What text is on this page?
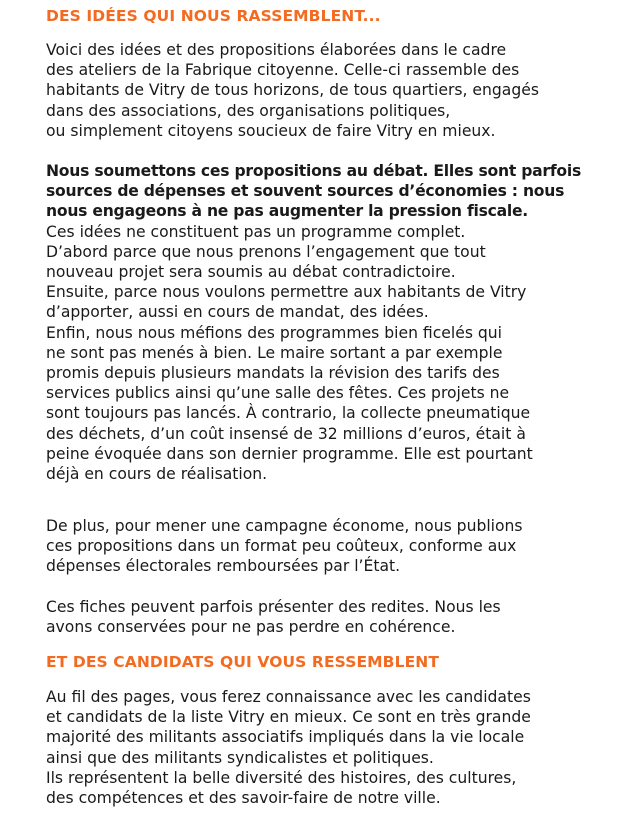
DES IDÉES QUI NOUS RASSEMBLENT...

Voici des idées et des propositions élaborées dans le cadre
des ateliers de la Fabrique citoyenne. Celle-ci rassemble des
habitants de Vitry de tous horizons, de tous quartiers, engagés
dans des associations, des organisations politiques,
ou simplement citoyens soucieux de faire Vitry en mieux.

Nous soumettons ces propositions au débat. Elles sont parfois
sources de dépenses et souvent sources d’économies : nous
nous engageons à ne pas augmenter la pression fiscale.
Ces idées ne constituent pas un programme complet.
D’abord parce que nous prenons l’engagement que tout
nouveau projet sera soumis au débat contradictoire.
Ensuite, parce nous voulons permettre aux habitants de Vitry
d’apporter, aussi en cours de mandat, des idées.
Enfin, nous nous méfions des programmes bien ficelés qui
ne sont pas menés à bien. Le maire sortant a par exemple
promis depuis plusieurs mandats la révision des tarifs des
services publics ainsi qu’une salle des fêtes. Ces projets ne
sont toujours pas lancés. À contrario, la collecte pneumatique
des déchets, d’un coût insensé de 32 millions d’euros, était à
peine évoquée dans son dernier programme. Elle est pourtant
déjà en cours de réalisation.

De plus, pour mener une campagne économe, nous publions
ces propositions dans un format peu coûteux, conforme aux
dépenses électorales remboursées par l’État.

Ces fiches peuvent parfois présenter des redites. Nous les
avons conservées pour ne pas perdre en cohérence.

ET DES CANDIDATS QUI VOUS RESSEMBLENT

Au fil des pages, vous ferez connaissance avec les candidates
et candidats de la liste Vitry en mieux. Ce sont en très grande
majorité des militants associatifs impliqués dans la vie locale
ainsi que des militants syndicalistes et politiques.
Ils représentent la belle diversité des histoires, des cultures,
des compétences et des savoir-faire de notre ville.
